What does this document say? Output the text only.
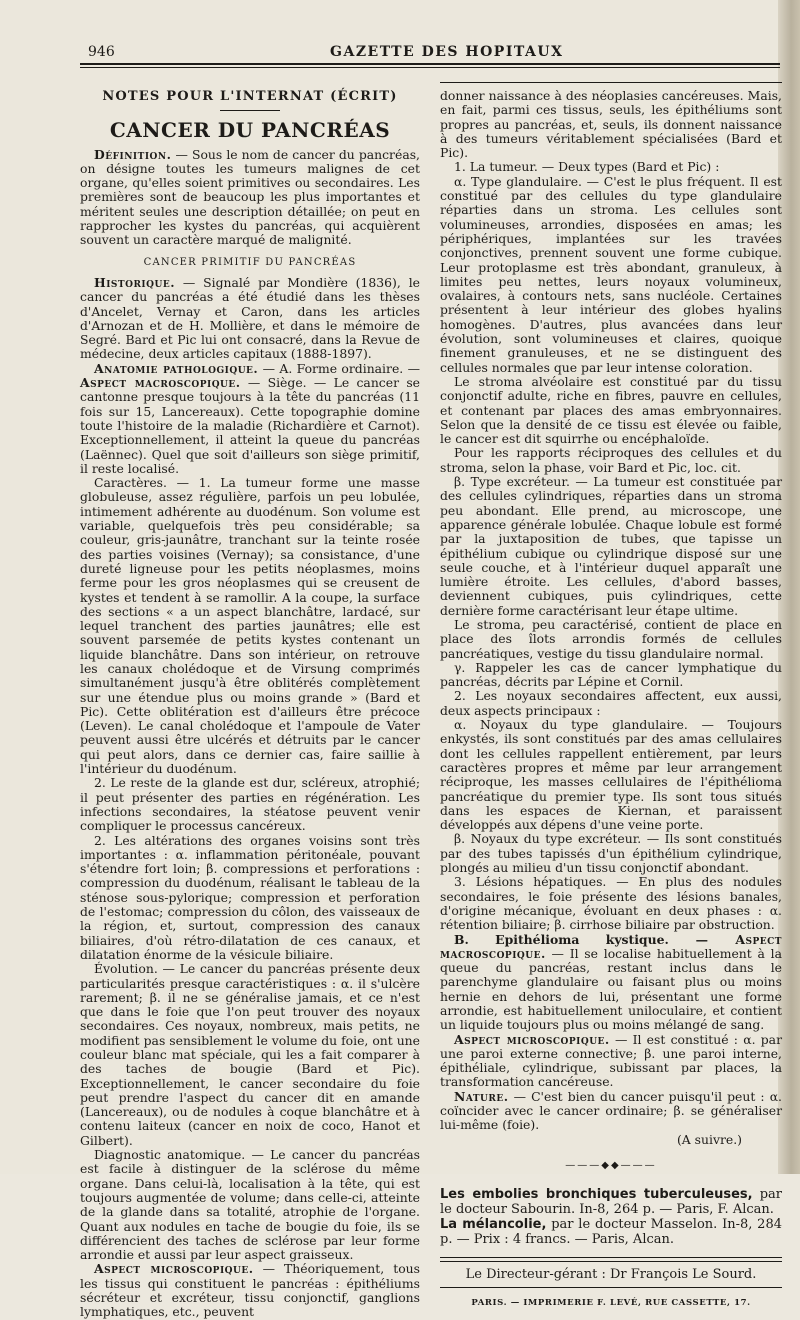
946	GAZETTE DES HOPITAUX
NOTES POUR L'INTERNAT (ÉCRIT)
CANCER DU PANCRÉAS

Définition. — Sous le nom de cancer du pancréas, on désigne toutes les tumeurs malignes de cet organe, qu'elles soient primitives ou secondaires. Les premières sont de beaucoup les plus importantes et méritent seules une description détaillée; on peut en rapprocher les kystes du pancréas, qui acquièrent souvent un caractère marqué de malignité.

CANCER PRIMITIF DU PANCRÉAS

Historique. — Signalé par Mondière (1836), le cancer du pancréas a été étudié dans les thèses d'Ancelet, Vernay et Caron, dans les articles d'Arnozan et de H. Mollière, et dans le mémoire de Segré. Bard et Pic lui ont consacré, dans la Revue de médecine, deux articles capitaux (1888-1897).

Anatomie pathologique. — A. Forme ordinaire. — Aspect macroscopique. — Siège. — Le cancer se cantonne presque toujours à la tête du pancréas (11 fois sur 15, Lancereaux). Cette topographie domine toute l'histoire de la maladie (Richardière et Carnot). Exceptionnellement, il atteint la queue du pancréas (Laënnec). Quel que soit d'ailleurs son siège primitif, il reste localisé.

Caractères. — 1. La tumeur forme une masse globuleuse, assez régulière, parfois un peu lobulée, intimement adhérente au duodénum. Son volume est variable, quelquefois très peu considérable; sa couleur, gris-jaunâtre, tranchant sur la teinte rosée des parties voisines (Vernay); sa consistance, d'une dureté ligneuse pour les petits néoplasmes, moins ferme pour les gros néoplasmes qui se creusent de kystes et tendent à se ramollir. A la coupe, la surface des sections « a un aspect blanchâtre, lardacé, sur lequel tranchent des parties jaunâtres; elle est souvent parsemée de petits kystes contenant un liquide blanchâtre. Dans son intérieur, on retrouve les canaux cholédoque et de Virsung comprimés simultanément jusqu'à être oblitérés complètement sur une étendue plus ou moins grande » (Bard et Pic). Cette oblitération est d'ailleurs être précoce (Leven). Le canal cholédoque et l'ampoule de Vater peuvent aussi être ulcérés et détruits par le cancer qui peut alors, dans ce dernier cas, faire saillie à l'intérieur du duodénum.

2. Le reste de la glande est dur, scléreux, atrophié; il peut présenter des parties en régénération. Les infections secondaires, la stéatose peuvent venir compliquer le processus cancéreux.

2. Les altérations des organes voisins sont très importantes : α. inflammation péritonéale, pouvant s'étendre fort loin; β. compressions et perforations : compression du duodénum, réalisant le tableau de la sténose sous-pylorique; compression et perforation de l'estomac; compression du côlon, des vaisseaux de la région, et, surtout, compression des canaux biliaires, d'où rétro-dilatation de ces canaux, et dilatation énorme de la vésicule biliaire.

Évolution. — Le cancer du pancréas présente deux particularités presque caractéristiques : α. il s'ulcère rarement; β. il ne se généralise jamais, et ce n'est que dans le foie que l'on peut trouver des noyaux secondaires. Ces noyaux, nombreux, mais petits, ne modifient pas sensiblement le volume du foie, ont une couleur blanc mat spéciale, qui les a fait comparer à des taches de bougie (Bard et Pic). Exceptionnellement, le cancer secondaire du foie peut prendre l'aspect du cancer dit en amande (Lancereaux), ou de nodules à coque blanchâtre et à contenu laiteux (cancer en noix de coco, Hanot et Gilbert).

Diagnostic anatomique. — Le cancer du pancréas est facile à distinguer de la sclérose du même organe. Dans celui-là, localisation à la tête, qui est toujours augmentée de volume; dans celle-ci, atteinte de la glande dans sa totalité, atrophie de l'organe. Quant aux nodules en tache de bougie du foie, ils se différencient des taches de sclérose par leur forme arrondie et aussi par leur aspect graisseux.

Aspect microscopique. — Théoriquement, tous les tissus qui constituent le pancréas : épithéliums sécréteur et excréteur, tissu conjonctif, ganglions lymphatiques, etc., peuvent

donner naissance à des néoplasies cancéreuses. Mais, en fait, parmi ces tissus, seuls, les épithéliums sont propres au pancréas, et, seuls, ils donnent naissance à des tumeurs véritablement spécialisées (Bard et Pic).

1. La tumeur. — Deux types (Bard et Pic) :

α. Type glandulaire. — C'est le plus fréquent. Il est constitué par des cellules du type glandulaire réparties dans un stroma. Les cellules sont volumineuses, arrondies, disposées en amas; les périphériques, implantées sur les travées conjonctives, prennent souvent une forme cubique. Leur protoplasme est très abondant, granuleux, à limites peu nettes, leurs noyaux volumineux, ovalaires, à contours nets, sans nucléole. Certaines présentent à leur intérieur des globes hyalins homogènes. D'autres, plus avancées dans leur évolution, sont volumineuses et claires, quoique finement granuleuses, et ne se distinguent des cellules normales que par leur intense coloration.

Le stroma alvéolaire est constitué par du tissu conjonctif adulte, riche en fibres, pauvre en cellules, et contenant par places des amas embryonnaires. Selon que la densité de ce tissu est élevée ou faible, le cancer est dit squirrhe ou encéphaloïde.

Pour les rapports réciproques des cellules et du stroma, selon la phase, voir Bard et Pic, loc. cit.

β. Type excréteur. — La tumeur est constituée par des cellules cylindriques, réparties dans un stroma peu abondant. Elle prend, au microscope, une apparence générale lobulée. Chaque lobule est formé par la juxtaposition de tubes, que tapisse un épithélium cubique ou cylindrique disposé sur une seule couche, et à l'intérieur duquel apparaît une lumière étroite. Les cellules, d'abord basses, deviennent cubiques, puis cylindriques, cette dernière forme caractérisant leur étape ultime.

Le stroma, peu caractérisé, contient de place en place des îlots arrondis formés de cellules pancréatiques, vestige du tissu glandulaire normal.

γ. Rappeler les cas de cancer lymphatique du pancréas, décrits par Lépine et Cornil.

2. Les noyaux secondaires affectent, eux aussi, deux aspects principaux :

α. Noyaux du type glandulaire. — Toujours enkystés, ils sont constitués par des amas cellulaires dont les cellules rappellent entièrement, par leurs caractères propres et même par leur arrangement réciproque, les masses cellulaires de l'épithélioma pancréatique du premier type. Ils sont tous situés dans les espaces de Kiernan, et paraissent développés aux dépens d'une veine porte.

β. Noyaux du type excréteur. — Ils sont constitués par des tubes tapissés d'un épithélium cylindrique, plongés au milieu d'un tissu conjonctif abondant.

3. Lésions hépatiques. — En plus des nodules secondaires, le foie présente des lésions banales, d'origine mécanique, évoluant en deux phases : α. rétention biliaire; β. cirrhose biliaire par obstruction.

B. Epithélioma kystique. — Aspect macroscopique. — Il se localise habituellement à la queue du pancréas, restant inclus dans le parenchyme glandulaire ou faisant plus ou moins hernie en dehors de lui, présentant une forme arrondie, est habituellement uniloculaire, et contient un liquide toujours plus ou moins mélangé de sang.

Aspect microscopique. — Il est constitué : α. par une paroi externe connective; β. une paroi interne, épithéliale, cylindrique, subissant par places, la transformation cancéreuse.

Nature. — C'est bien du cancer puisqu'il peut : α. coïncider avec le cancer ordinaire; β. se généraliser lui-même (foie).

(A suivre.)

———◆◆———

Les embolies bronchiques tuberculeuses, par le docteur Sabourin. In-8, 264 p. — Paris, F. Alcan.

La mélancolie, par le docteur Masselon. In-8, 284 p. — Prix : 4 francs. — Paris, Alcan.

Le Directeur-gérant : Dr François Le Sourd.
PARIS. — IMPRIMERIE F. LEVÉ, RUE CASSETTE, 17.
